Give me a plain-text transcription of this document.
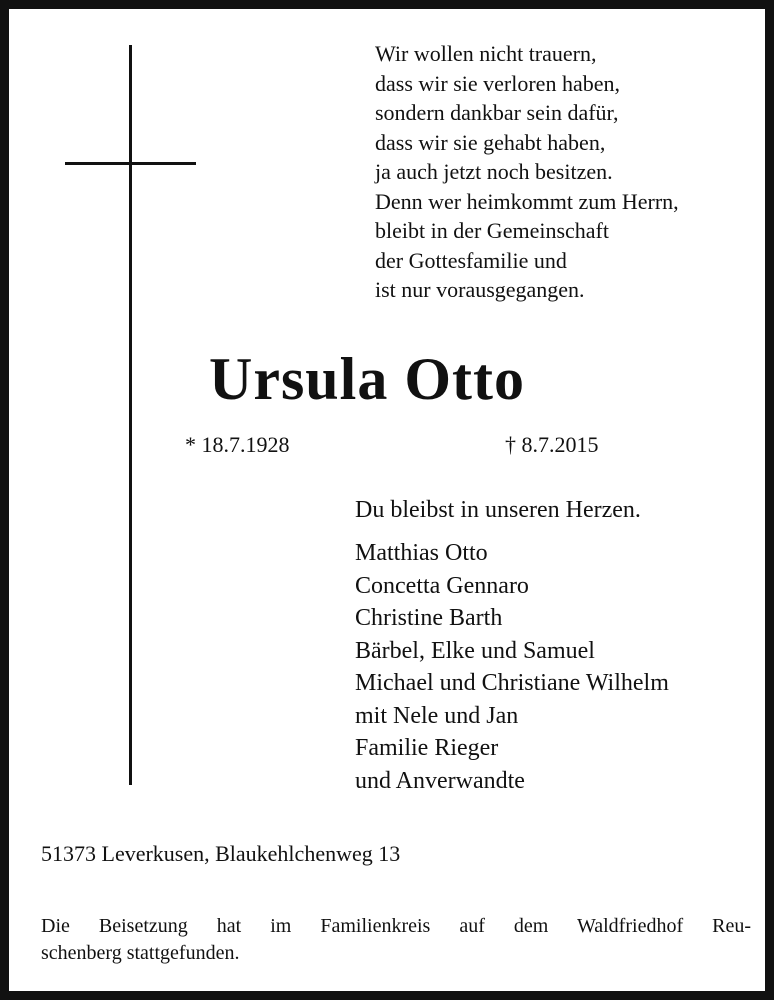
Wir wollen nicht trauern,
dass wir sie verloren haben,
sondern dankbar sein dafür,
dass wir sie gehabt haben,
ja auch jetzt noch besitzen.
Denn wer heimkommt zum Herrn,
bleibt in der Gemeinschaft
der Gottesfamilie und
ist nur vorausgegangen.
Ursula Otto
* 18.7.1928	† 8.7.2015
Du bleibst in unseren Herzen.
Matthias Otto
Concetta Gennaro
Christine Barth
Bärbel, Elke und Samuel
Michael und Christiane Wilhelm
mit Nele und Jan
Familie Rieger
und Anverwandte
51373 Leverkusen, Blaukehlchenweg 13
Die Beisetzung hat im Familienkreis auf dem Waldfriedhof Reu-
schenberg stattgefunden.
